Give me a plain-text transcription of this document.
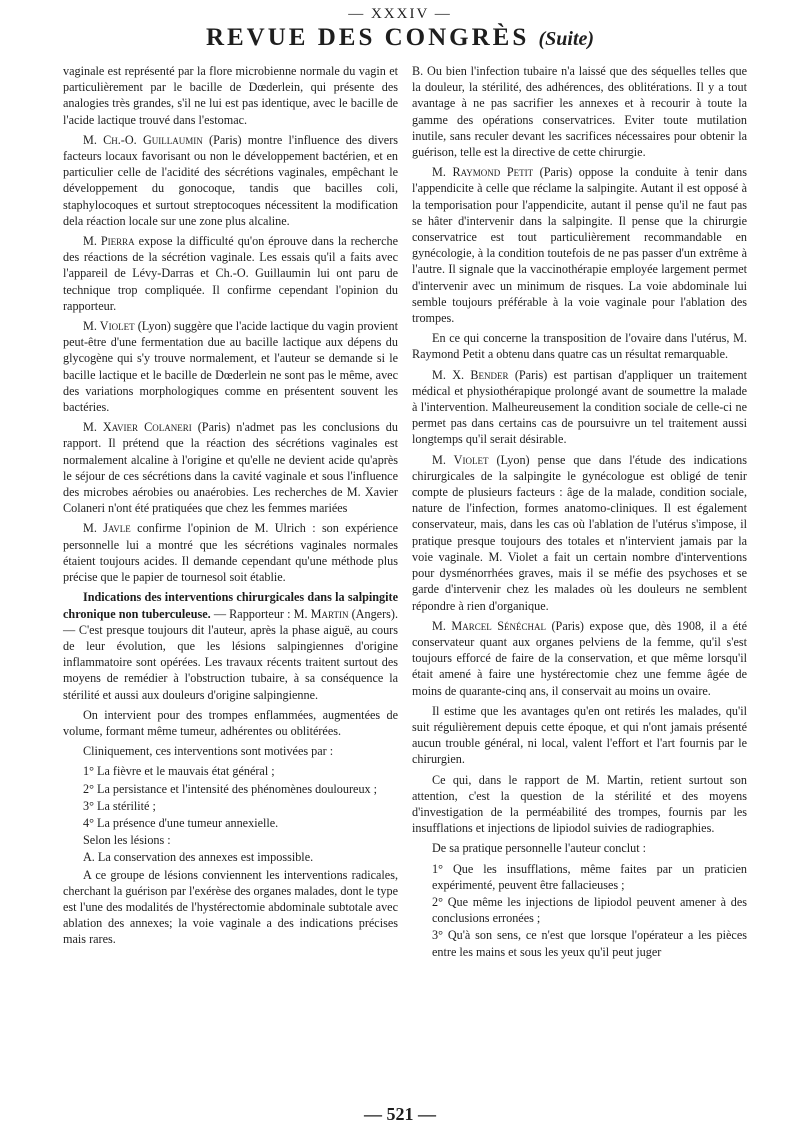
— XXXIV —
REVUE DES CONGRÈS (Suite)

vaginale est représenté par la flore microbienne normale du vagin et particulièrement par le bacille de Dœderlein, qui présente des analogies très grandes, s'il ne lui est pas identique, avec le bacille de l'acide lactique trouvé dans l'estomac.

M. Ch.-O. Guillaumin (Paris) montre l'influence des divers facteurs locaux favorisant ou non le développement bactérien, et en particulier celle de l'acidité des sécrétions vaginales, empêchant le développement du gonocoque, tandis que bacilles coli, staphylocoques et surtout streptocoques nécessitent la modification dela réaction locale sur une zone plus alcaline.

M. Pierra expose la difficulté qu'on éprouve dans la recherche des réactions de la sécrétion vaginale. Les essais qu'il a faits avec l'appareil de Lévy-Darras et Ch.-O. Guillaumin lui ont paru de technique trop compliquée. Il confirme cependant l'opinion du rapporteur.

M. Violet (Lyon) suggère que l'acide lactique du vagin provient peut-être d'une fermentation due au bacille lactique aux dépens du glycogène qui s'y trouve normalement, et l'auteur se demande si le bacille lactique et le bacille de Dœderlein ne sont pas le même, avec des variations morphologiques comme en présentent souvent les bactéries.

M. Xavier Colaneri (Paris) n'admet pas les conclusions du rapport. Il prétend que la réaction des sécrétions vaginales est normalement alcaline à l'origine et qu'elle ne devient acide qu'après le séjour de ces sécrétions dans la cavité vaginale et sous l'influence des microbes aérobies ou anaérobies. Les recherches de M. Xavier Colaneri n'ont été pratiquées que chez les femmes mariées

M. Javle confirme l'opinion de M. Ulrich : son expérience personnelle lui a montré que les sécrétions vaginales normales étaient toujours acides. Il demande cependant qu'une méthode plus précise que le papier de tournesol soit établie.

Indications des interventions chirurgicales dans la salpingite chronique non tuberculeuse. — Rapporteur : M. Martin (Angers). — C'est presque toujours dit l'auteur, après la phase aiguë, au cours de leur évolution, que les lésions salpingiennes d'origine inflammatoire sont opérées. Les travaux récents traitent surtout des moyens de remédier à l'obstruction tubaire, à sa conséquence la stérilité et aussi aux douleurs d'origine salpingienne.

On intervient pour des trompes enflammées, augmentées de volume, formant même tumeur, adhérentes ou oblitérées.

Cliniquement, ces interventions sont motivées par :

1° La fièvre et le mauvais état général ;
2° La persistance et l'intensité des phénomènes douloureux ;
3° La stérilité ;
4° La présence d'une tumeur annexielle.
Selon les lésions :
A. La conservation des annexes est impossible.

A ce groupe de lésions conviennent les interventions radicales, cherchant la guérison par l'exérèse des organes malades, dont le type est l'une des modalités de l'hystérectomie abdominale subtotale avec ablation des annexes; la voie vaginale a des indications précises mais rares.

B. Ou bien l'infection tubaire n'a laissé que des séquelles telles que la douleur, la stérilité, des adhérences, des oblitérations. Il y a tout avantage à ne pas sacrifier les annexes et à recourir à toute la gamme des opérations conservatrices. Eviter toute mutilation inutile, sans reculer devant les sacrifices nécessaires pour obtenir la guérison, telle est la directive de cette chirurgie.

M. Raymond Petit (Paris) oppose la conduite à tenir dans l'appendicite à celle que réclame la salpingite. Autant il est opposé à la temporisation pour l'appendicite, autant il pense qu'il ne faut pas se hâter d'intervenir dans la salpingite. Il pense que la chirurgie conservatrice est tout particulièrement recommandable en gynécologie, à la condition toutefois de ne pas passer d'un extrême à l'autre. Il signale que la vaccinothérapie employée largement permet d'intervenir avec un minimum de risques. La voie abdominale lui semble toujours préférable à la voie vaginale pour l'ablation des trompes.

En ce qui concerne la transposition de l'ovaire dans l'utérus, M. Raymond Petit a obtenu dans quatre cas un résultat remarquable.

M. X. Bender (Paris) est partisan d'appliquer un traitement médical et physiothérapique prolongé avant de soumettre la malade à l'intervention. Malheureusement la condition sociale de celle-ci ne permet pas dans certains cas de poursuivre un tel traitement aussi longtemps qu'il serait désirable.

M. Violet (Lyon) pense que dans l'étude des indications chirurgicales de la salpingite le gynécologue est obligé de tenir compte de plusieurs facteurs : âge de la malade, condition sociale, nature de l'infection, formes anatomo-cliniques. Il est également conservateur, mais, dans les cas où l'ablation de l'utérus s'impose, il pratique presque toujours des totales et n'intervient jamais par la voie vaginale. M. Violet a fait un certain nombre d'interventions pour dysménorrhées graves, mais il se méfie des psychoses et se garde d'intervenir chez les malades où les douleurs ne semblent répondre à rien d'organique.

M. Marcel Sénéchal (Paris) expose que, dès 1908, il a été conservateur quant aux organes pelviens de la femme, qu'il s'est toujours efforcé de faire de la conservation, et que même lorsqu'il était amené à faire une hystérectomie chez une femme âgée de moins de quarante-cinq ans, il conservait au moins un ovaire.

Il estime que les avantages qu'en ont retirés les malades, qu'il suit régulièrement depuis cette époque, et qui n'ont jamais présenté aucun trouble général, ni local, valent l'effort et l'art fournis par le chirurgien.

Ce qui, dans le rapport de M. Martin, retient surtout son attention, c'est la question de la stérilité et des moyens d'investigation de la perméabilité des trompes, fournis par les insufflations et injections de lipiodol suivies de radiographies.

De sa pratique personnelle l'auteur conclut :

1° Que les insufflations, même faites par un praticien expérimenté, peuvent être fallacieuses ;
2° Que même les injections de lipiodol peuvent amener à des conclusions erronées ;
3° Qu'à son sens, ce n'est que lorsque l'opérateur a les pièces entre les mains et sous les yeux qu'il peut juger
— 521 —
